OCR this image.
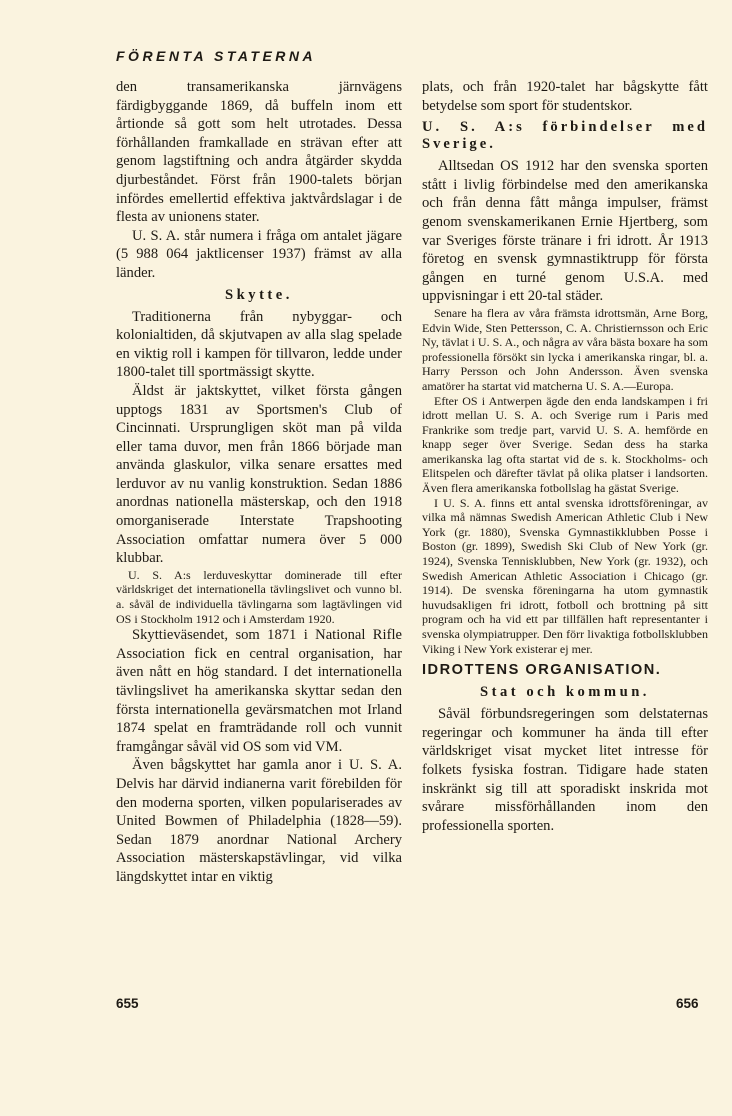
FÖRENTA STATERNA

den transamerikanska järnvägens färdigbyggande 1869, då buffeln inom ett årtionde så gott som helt utrotades. Dessa förhållanden framkallade en strävan efter att genom lagstiftning och andra åtgärder skydda djurbeståndet. Först från 1900-talets början infördes emellertid effektiva jaktvårdslagar i de flesta av unionens stater.

U. S. A. står numera i fråga om antalet jägare (5 988 064 jaktlicenser 1937) främst av alla länder.

Skytte.

Traditionerna från nybyggar- och kolonialtiden, då skjutvapen av alla slag spelade en viktig roll i kampen för tillvaron, ledde under 1800-talet till sportmässigt skytte.

Äldst är jaktskyttet, vilket första gången upptogs 1831 av Sportsmen's Club of Cincinnati. Ursprungligen sköt man på vilda eller tama duvor, men från 1866 började man använda glaskulor, vilka senare ersattes med lerduvor av nu vanlig konstruktion. Sedan 1886 anordnas nationella mästerskap, och den 1918 omorganiserade Interstate Trapshooting Association omfattar numera över 5 000 klubbar.

U. S. A:s lerduveskyttar dominerade till efter världskriget det internationella tävlingslivet och vunno bl. a. såväl de individuella tävlingarna som lagtävlingen vid OS i Stockholm 1912 och i Amsterdam 1920.

Skyttieväsendet, som 1871 i National Rifle Association fick en central organisation, har även nått en hög standard. I det internationella tävlingslivet ha amerikanska skyttar sedan den första internationella gevärsmatchen mot Irland 1874 spelat en framträdande roll och vunnit framgångar såväl vid OS som vid VM.

Även bågskyttet har gamla anor i U. S. A. Delvis har därvid indianerna varit förebilden för den moderna sporten, vilken populariserades av United Bowmen of Philadelphia (1828—59). Sedan 1879 anordnar National Archery Association mästerskapstävlingar, vid vilka längdskyttet intar en viktig

plats, och från 1920-talet har bågskytte fått betydelse som sport för studentskor.

U. S. A:s förbindelser med Sverige.

Alltsedan OS 1912 har den svenska sporten stått i livlig förbindelse med den amerikanska och från denna fått många impulser, främst genom svenskamerikanen Ernie Hjertberg, som var Sveriges förste tränare i fri idrott. År 1913 företog en svensk gymnastiktrupp för första gången en turné genom U.S.A. med uppvisningar i ett 20-tal städer.

Senare ha flera av våra främsta idrottsmän, Arne Borg, Edvin Wide, Sten Pettersson, C. A. Christiernsson och Eric Ny, tävlat i U. S. A., och några av våra bästa boxare ha som professionella försökt sin lycka i amerikanska ringar, bl. a. Harry Persson och John Andersson. Även svenska amatörer ha startat vid matcherna U. S. A.—Europa.

Efter OS i Antwerpen ägde den enda landskampen i fri idrott mellan U. S. A. och Sverige rum i Paris med Frankrike som tredje part, varvid U. S. A. hemförde en knapp seger över Sverige. Sedan dess ha starka amerikanska lag ofta startat vid de s. k. Stockholms- och Elitspelen och därefter tävlat på olika platser i landsorten. Även flera amerikanska fotbollslag ha gästat Sverige.

I U. S. A. finns ett antal svenska idrottsföreningar, av vilka må nämnas Swedish American Athletic Club i New York (gr. 1880), Svenska Gymnastikklubben Posse i Boston (gr. 1899), Swedish Ski Club of New York (gr. 1924), Svenska Tennisklubben, New York (gr. 1932), och Swedish American Athletic Association i Chicago (gr. 1914). De svenska föreningarna ha utom gymnastik huvudsakligen fri idrott, fotboll och brottning på sitt program och ha vid ett par tillfällen haft representanter i svenska olympiatrupper. Den förr livaktiga fotbollsklubben Viking i New York existerar ej mer.

IDROTTENS ORGANISATION.

Stat och kommun.

Såväl förbundsregeringen som delstaternas regeringar och kommuner ha ända till efter världskriget visat mycket litet intresse för folkets fysiska fostran. Tidigare hade staten inskränkt sig till att sporadiskt inskrida mot svårare missförhållanden inom den professionella sporten.

655	656
